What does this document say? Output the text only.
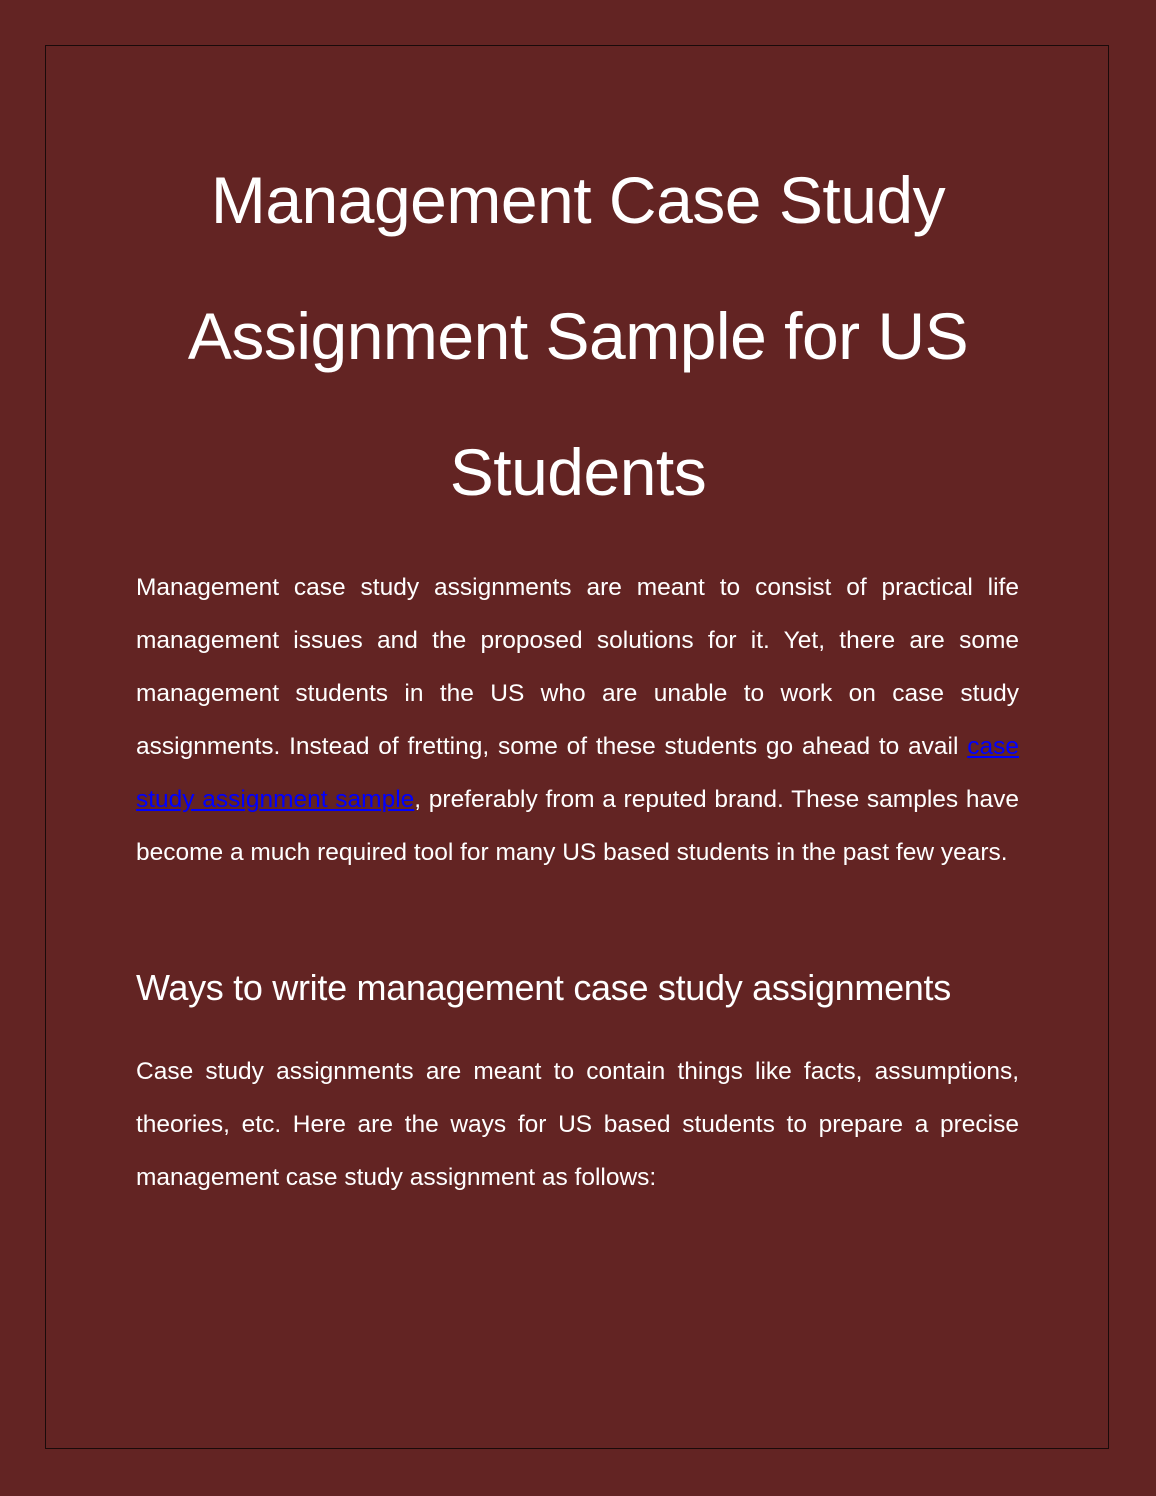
Management Case Study Assignment Sample for US Students

Management case study assignments are meant to consist of practical life management issues and the proposed solutions for it. Yet, there are some management students in the US who are unable to work on case study assignments. Instead of fretting, some of these students go ahead to avail case study assignment sample, preferably from a reputed brand. These samples have become a much required tool for many US based students in the past few years.

Ways to write management case study assignments

Case study assignments are meant to contain things like facts, assumptions, theories, etc. Here are the ways for US based students to prepare a precise management case study assignment as follows:
